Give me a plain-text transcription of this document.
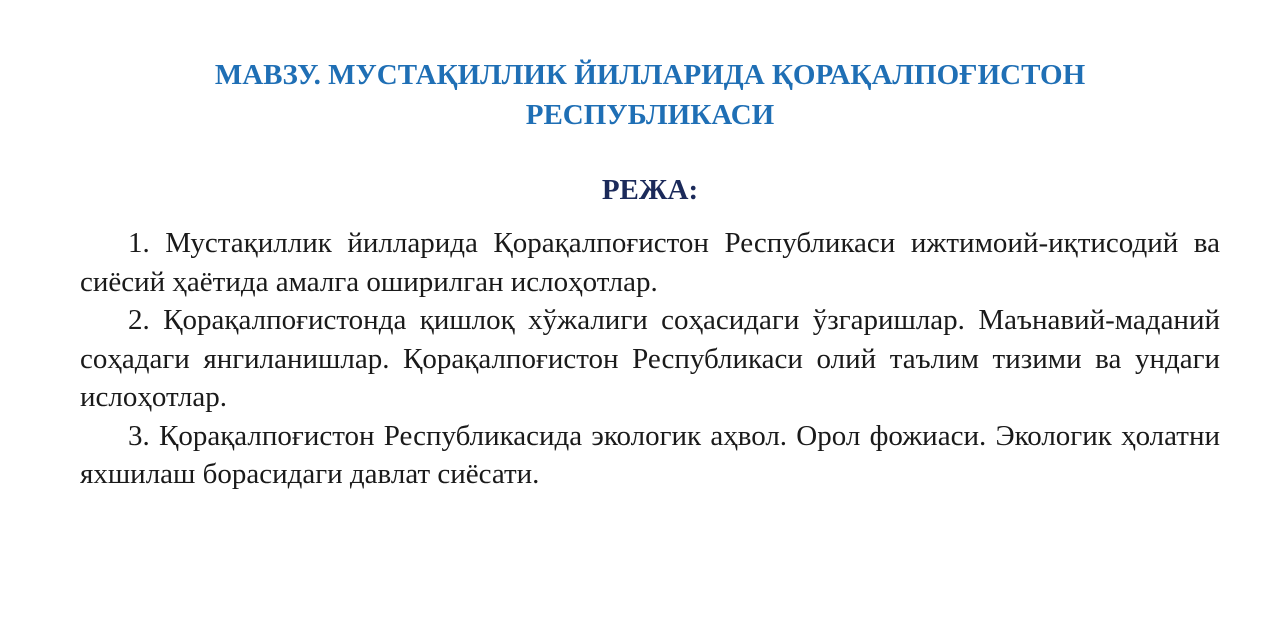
МАВЗУ. МУСТАҚИЛЛИК ЙИЛЛАРИДА ҚОРАҚАЛПОҒИСТОН
РЕСПУБЛИКАСИ
РЕЖА:
1. Мустақиллик йилларида Қорақалпоғистон Республикаси ижтимоий-иқтисодий ва сиёсий ҳаётида амалга оширилган ислоҳотлар.
2. Қорақалпоғистонда қишлоқ хўжалиги соҳасидаги ўзгаришлар. Маънавий-маданий соҳадаги янгиланишлар. Қорақалпоғистон Республикаси олий таълим тизими ва ундаги ислоҳотлар.
3. Қорақалпоғистон Республикасида экологик аҳвол. Орол фожиаси. Экологик ҳолатни яхшилаш борасидаги давлат сиёсати.
